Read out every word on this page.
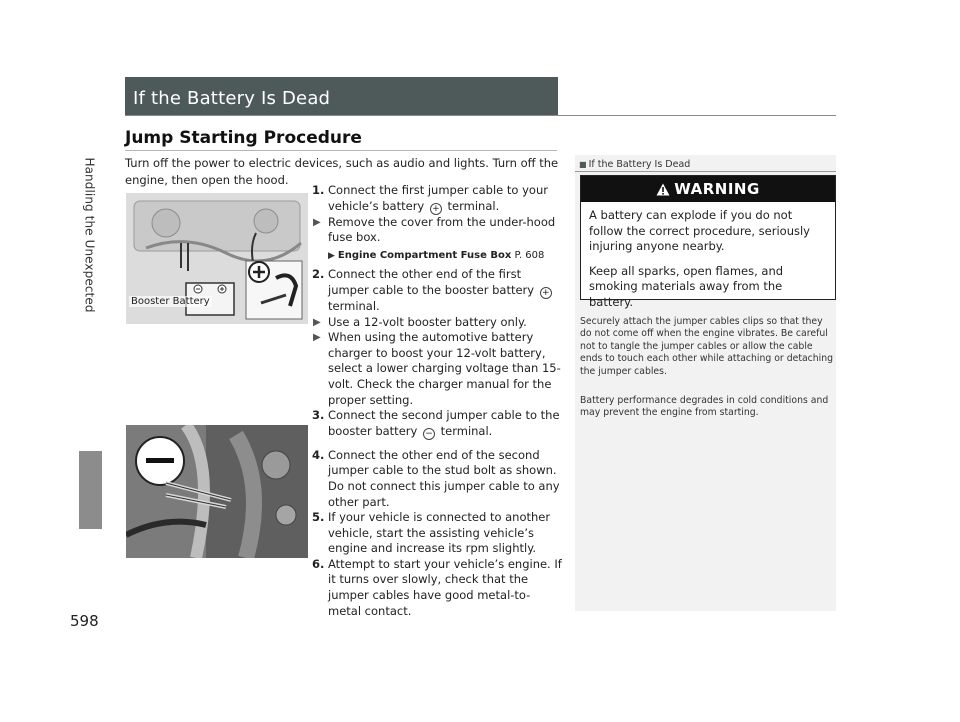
Handling the Unexpected
598
If the Battery Is Dead
Jump Starting Procedure

Turn off the power to electric devices, such as audio and lights. Turn off the engine, then open the hood.

Booster Battery
1. Connect the first jumper cable to your vehicle’s battery + terminal.
▶ Remove the cover from the under-hood fuse box.
▶ Engine Compartment Fuse Box P. 608
2. Connect the other end of the first jumper cable to the booster battery + terminal.
▶ Use a 12-volt booster battery only.
▶ When using the automotive battery charger to boost your 12-volt battery, select a lower charging voltage than 15-volt. Check the charger manual for the proper setting.
3. Connect the second jumper cable to the booster battery − terminal.
4. Connect the other end of the second jumper cable to the stud bolt as shown. Do not connect this jumper cable to any other part.
5. If your vehicle is connected to another vehicle, start the assisting vehicle’s engine and increase its rpm slightly.
6. Attempt to start your vehicle’s engine. If it turns over slowly, check that the jumper cables have good metal-to-metal contact.
■ If the Battery Is Dead
WARNING

A battery can explode if you do not follow the correct procedure, seriously injuring anyone nearby.

Keep all sparks, open flames, and smoking materials away from the battery.

Securely attach the jumper cables clips so that they do not come off when the engine vibrates. Be careful not to tangle the jumper cables or allow the cable ends to touch each other while attaching or detaching the jumper cables.

Battery performance degrades in cold conditions and may prevent the engine from starting.
